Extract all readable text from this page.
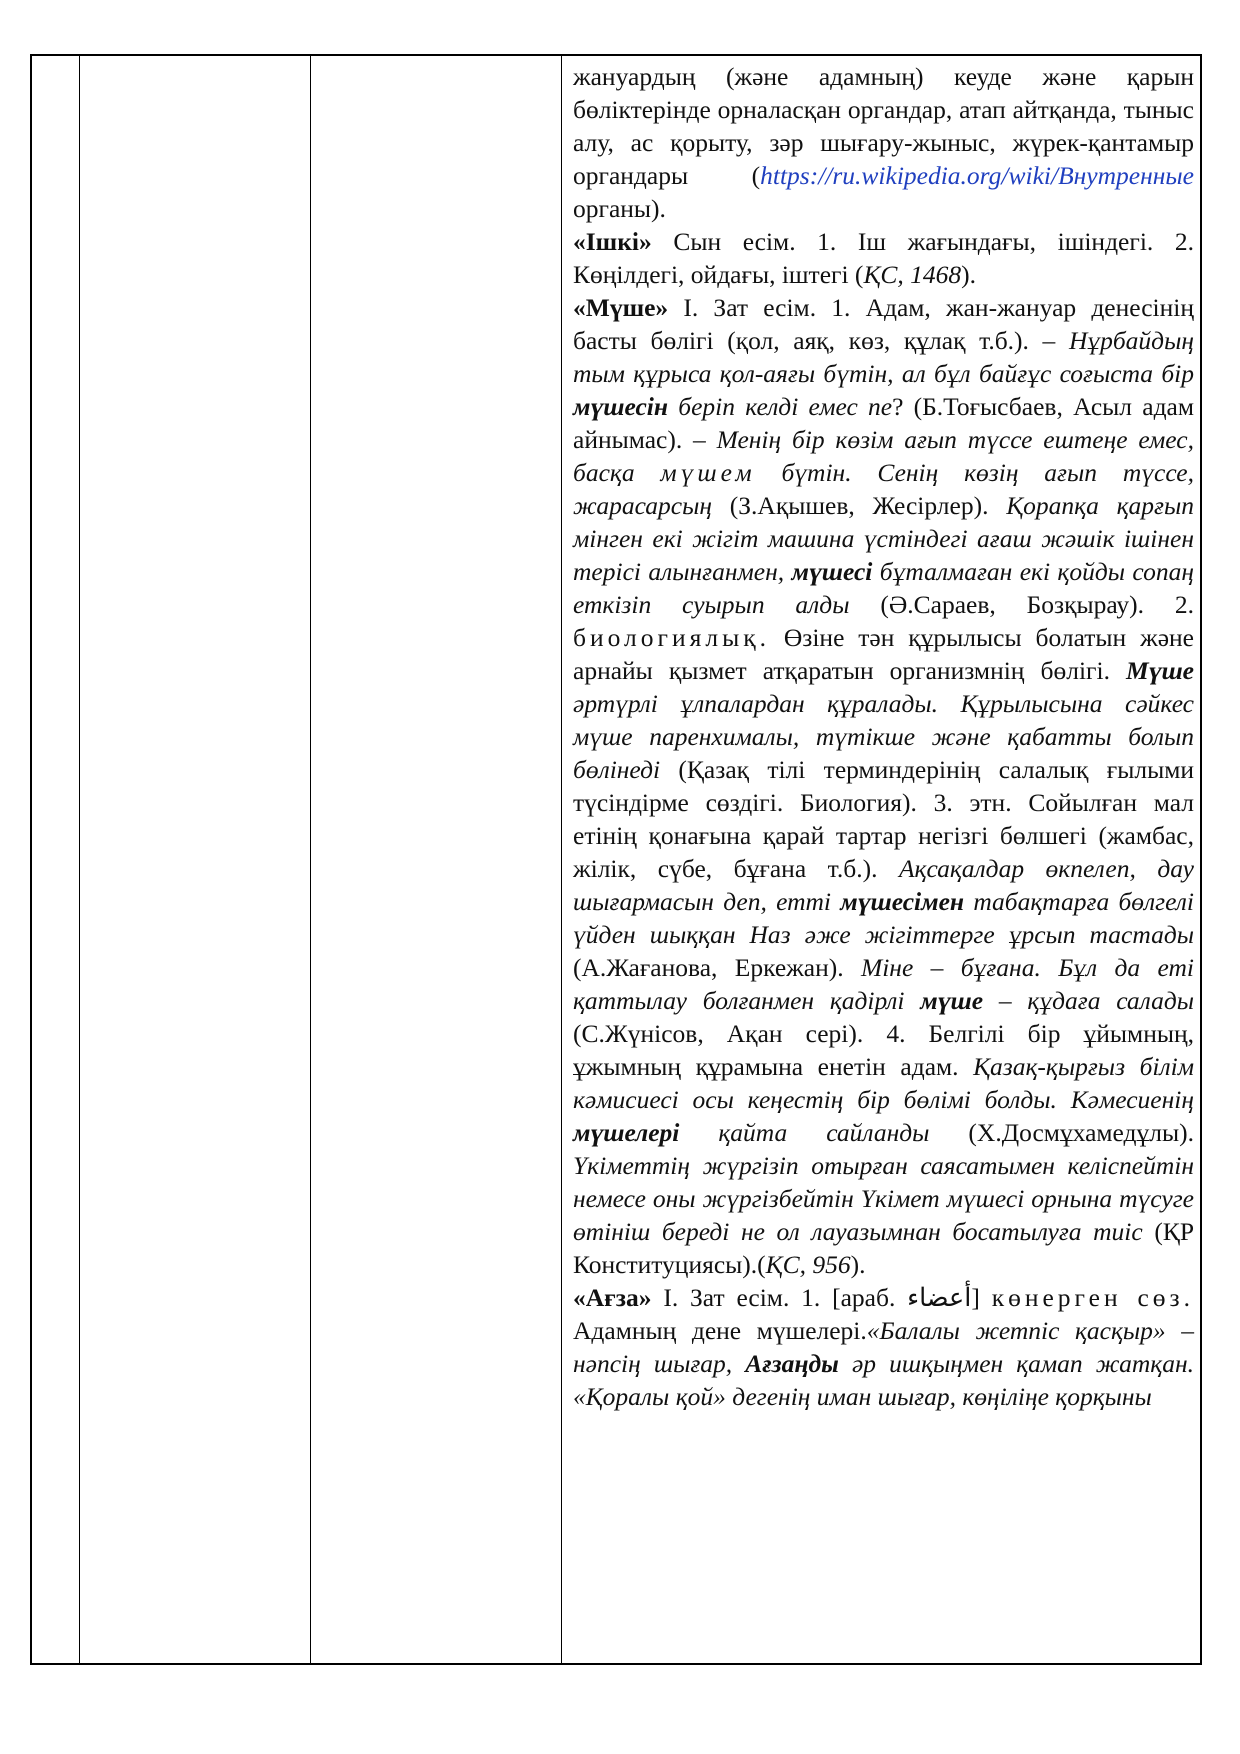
жануардың (және адамның) кеуде және қарын бөліктерінде орналасқан органдар, атап айтқанда, тыныс алу, ас қорыту, зәр шығару-жыныс, жүрек-қантамыр органдары (https://ru.wikipedia.org/wiki/Внутренные органы).

«Ішкі» Сын есім. 1. Іш жағындағы, ішіндегі. 2. Көңілдегі, ойдағы, іштегі (ҚС, 1468).

«Мүше» I. Зат есім. 1. Адам, жан-жануар денесінің басты бөлігі (қол, аяқ, көз, құлақ т.б.). – Нұрбайдың тым құрыса қол-аяғы бүтін, ал бұл байғұс соғыста бір мүшесін беріп келді емес пе? (Б.Тоғысбаев, Асыл адам айнымас). – Менің бір көзім ағып түссе ештеңе емес, басқа мүшем бүтін. Сенің көзің ағып түссе, жарасарсың (З.Ақышев, Жесірлер). Қорапқа қарғып мінген екі жігіт машина үстіндегі ағаш жәшік ішінен терісі алынғанмен, мүшесі бұталмаған екі қойды сопаң еткізіп суырып алды (Ә.Сараев, Бозқырау). 2. биологиялық. Өзіне тән құрылысы болатын және арнайы қызмет атқаратын организмнің бөлігі. Мүше әртүрлі ұлпалардан құралады. Құрылысына сәйкес мүше паренхималы, түтікше және қабатты болып бөлінеді (Қазақ тілі терминдерінің салалық ғылыми түсіндірме сөздігі. Биология). 3. этн. Сойылған мал етінің қонағына қарай тартар негізгі бөлшегі (жамбас, жілік, сүбе, бұғана т.б.). Ақсақалдар өкпелеп, дау шығармасын деп, етті мүшесімен табақтарға бөлгелі үйден шыққан Наз әже жігіттерге ұрсып тастады (А.Жағанова, Еркежан). Міне – бұғана. Бұл да еті қаттылау болғанмен қадірлі мүше – құдаға салады (С.Жүнісов, Ақан сері). 4. Белгілі бір ұйымның, ұжымның құрамына енетін адам. Қазақ-қырғыз білім кәмисиесі осы кеңестің бір бөлімі болды. Кәмесиенің мүшелері қайта сайланды (Х.Досмұхамедұлы). Үкіметтің жүргізіп отырған саясатымен келіспейтін немесе оны жүргізбейтін Үкімет мүшесі орнына түсуге өтініш береді не ол лауазымнан босатылуға тиіс (ҚР Конституциясы).(ҚС, 956).

«Ағза» I. Зат есім. 1. [араб. أعضاء] көнерген сөз. Адамның дене мүшелері.«Балалы жетпіс қасқыр» – нәпсің шығар, Ағзаңды әр ишқыңмен қамап жатқан. «Қоралы қой» дегенің иман шығар, көңіліңе қорқыны
